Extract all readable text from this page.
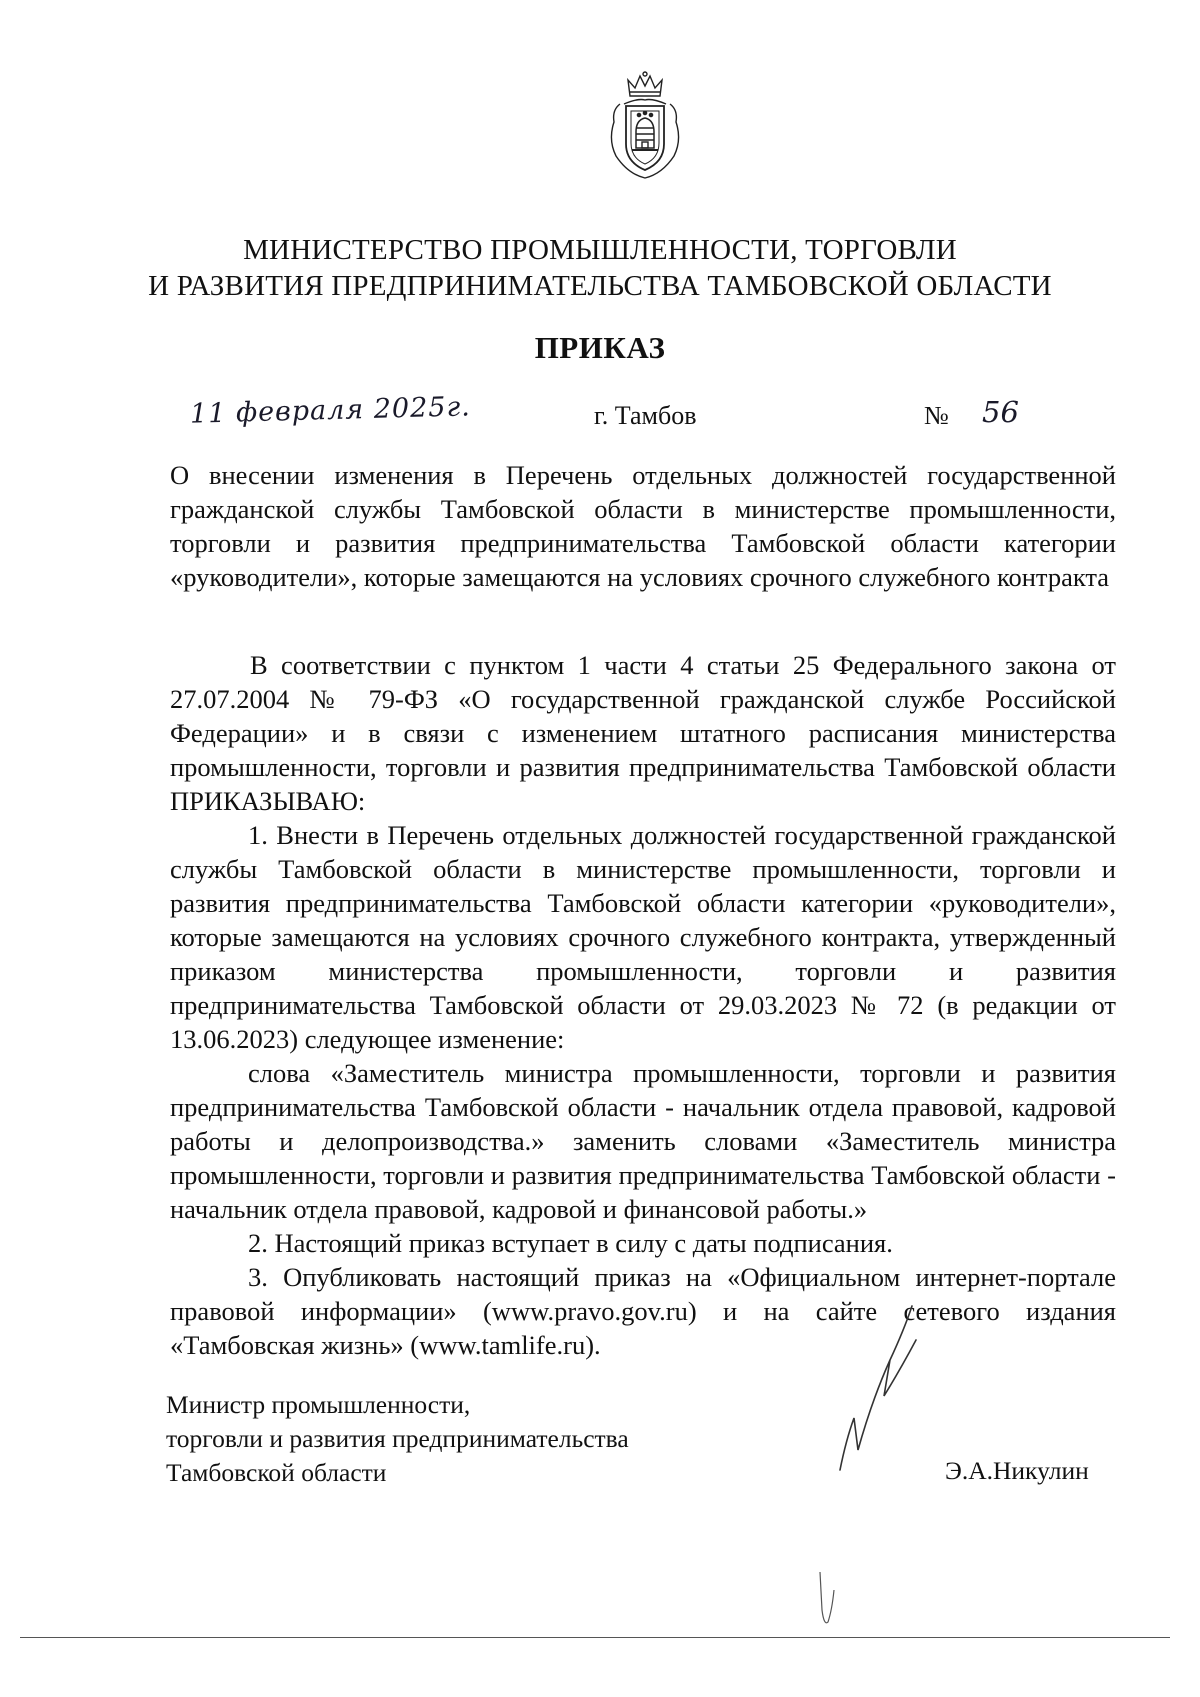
МИНИСТЕРСТВО ПРОМЫШЛЕННОСТИ, ТОРГОВЛИ
И РАЗВИТИЯ ПРЕДПРИНИМАТЕЛЬСТВА ТАМБОВСКОЙ ОБЛАСТИ
ПРИКАЗ
11 февраля 2025г.	г. Тамбов	№ 56
О внесении изменения в Перечень отдельных должностей государственной гражданской службы Тамбовской области в министерстве промышленности, торговли и развития предпринимательства Тамбовской области категории «руководители», которые замещаются на условиях срочного служебного контракта

В соответствии с пунктом 1 части 4 статьи 25 Федерального закона от 27.07.2004 № 79-ФЗ «О государственной гражданской службе Российской Федерации» и в связи с изменением штатного расписания министерства промышленности, торговли и развития предпринимательства Тамбовской области ПРИКАЗЫВАЮ:

1. Внести в Перечень отдельных должностей государственной гражданской службы Тамбовской области в министерстве промышленности, торговли и развития предпринимательства Тамбовской области категории «руководители», которые замещаются на условиях срочного служебного контракта, утвержденный приказом министерства промышленности, торговли и развития предпринимательства Тамбовской области от 29.03.2023 № 72 (в редакции от 13.06.2023) следующее изменение:

слова «Заместитель министра промышленности, торговли и развития предпринимательства Тамбовской области - начальник отдела правовой, кадровой работы и делопроизводства.» заменить словами «Заместитель министра промышленности, торговли и развития предпринимательства Тамбовской области - начальник отдела правовой, кадровой и финансовой работы.»

2. Настоящий приказ вступает в силу с даты подписания.

3. Опубликовать настоящий приказ на «Официальном интернет-портале правовой информации» (www.pravo.gov.ru) и на сайте сетевого издания «Тамбовская жизнь» (www.tamlife.ru).

Министр промышленности,
торговли и развития предпринимательства
Тамбовской области	Э.А.Никулин
